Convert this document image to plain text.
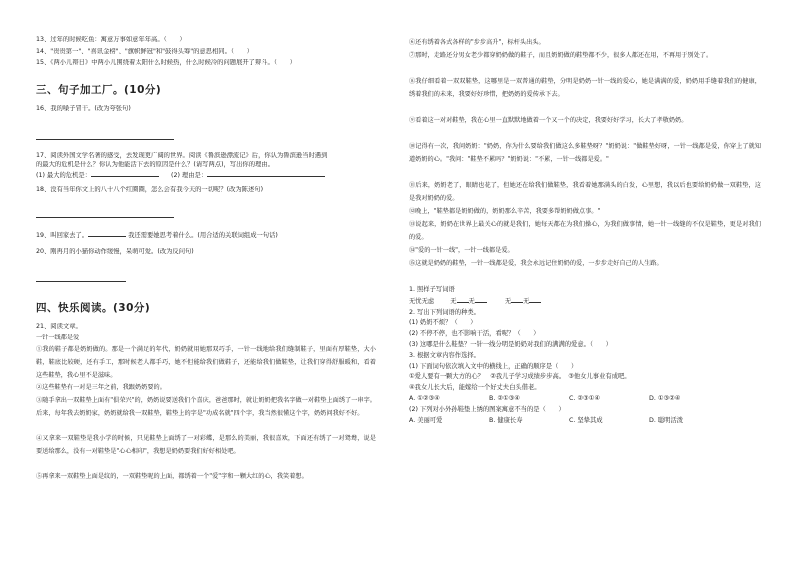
13、过年的时候吃鱼：寓意万事如意年年高。（　　）
14、"贵贵第一"、"喜讯金榜"、"旗帜鲜冠"和"鼓得头筹"的意思相同。（　　）
15、《两小儿辩日》中两小儿围绕着太阳什么时候热，什么时候冷的问题展开了辩斗。（　　）
三、句子加工厂。(10分)
16、我的嗓子冒干。(改为夸张句)
17、阅读外国文学名著的感受，去发现更广阔的世界。阅读《鲁滨逊漂流记》后，你认为鲁滨逊当时遇到
的最大的危机是什么？你认为他能活下去的原因是什么？(请写两点)，写出你的理由。
(1) 最大的危机是：	(2) 理由是：
18、没有当年你文上的八十八个红圈圈，怎么会有我今天的一切呢？(改为陈述句)
19、叫回家去了。	我还需要她思考着什么。(用合适的关联词组成一句话)
20、刚再月的小猫你动作缓慢，呆萌可爱。(改为反问句)
四、快乐阅读。(30分)
21、阅读文章。
一针一线都是爱
①我的鞋子都是奶奶做的。那是一个满足的年代，奶奶就用她那双巧手，一针一线地给我们缝制鞋子，里面有厚鞋垫，大小鞋，鞋底比较硬，还有手工，那时候老人都手巧，她不但能给我们做鞋子，还能给我们做鞋垫，让我们穿得舒服暖和，看着这些鞋垫，我心里不是滋味。
②这些鞋垫有一对是三年之前，我跟奶奶要的。
③随手拿出一双鞋垫上面有"俱荣兴"的，奶奶说要送我们个喜庆，爸爸那时，就让奶奶把我名字做一对鞋垫上面绣了一串字。后来，每年我去奶奶家，奶奶就给我一双鞋垫，鞋垫上的字是"功成名就"四个字，我当然很懂这个字，奶奶问我好不好。
④又拿来一双鞋垫是我小学的时候，只见鞋垫上面绣了一对彩蝶，是那么的美丽，我很喜欢，下面还有绣了一对鸳鸯，说是要送给那么，没有一对鞋垫是"心心相印"，我想是奶奶要我们好好相处吧。
⑤再拿来一双鞋垫上面是纹的，一双鞋垫呢的上面，都绣着一个"爱"字和一颗大红的心，我笑着想。
⑥还有绣着各式各样的"步步高升"，标杆头出头。
⑦那时，走路还分男女老少都穿奶奶做的鞋子，而且奶奶做的鞋垫都不少，很多人都还在用，不再用于别处了。
⑧我仔细看着一双双鞋垫，这哪里是一双普通的鞋垫，分明是奶奶一针一线的爱心，她是满满的爱，奶奶用手缝着我们的健康，绣着我们的未来，我要好好珍惜，把奶奶的爱传承下去。
⑨看着这一对对鞋垫，我在心里一直默默地做着一个又一个的决定，我要好好学习，长大了孝敬奶奶。
⑩记得有一次，我问奶奶："奶奶，你为什么要给我们做这么多鞋垫呀？"奶奶说："做鞋垫好呀，一针一线都是爱，你穿上了就知道奶奶的心。"我问："鞋垫不累吗？"奶奶说："不累，一针一线都是爱。"
⑪后来，奶奶老了，眼睛也花了，但她还在给我们做鞋垫，我看着她那满头的白发，心里想，我以后也要给奶奶做一双鞋垫，这是我对奶奶的爱。
⑫晚上，"鞋垫都是奶奶做的，奶奶那么辛苦，我要多帮奶奶做点事。"
⑬说起来，奶奶在世界上最关心的就是我们，她每天都在为我们操心，为我们做事情，她一针一线缝的不仅是鞋垫，更是对我们的爱。
⑭"爱的一针一线"，一针一线都是爱。
⑮这就是奶奶的鞋垫，一针一线都是爱，我会永远记住奶奶的爱，一步步走好自己的人生路。
1. 照样子写词语
无忧无虑	无 无	无 无
2. 写出下列词语的种类。
(1) 奶奶不烦？（　　）
(2) 不停不停，也不影响干活，看呢？（　　）
(3) 这哪是什么鞋垫？一针一线分明是奶奶对我们的满满的爱意。（　　）
3. 根据文章内容作选择。
(1) 下面词句依次填入文中的横线上，正确的顺序是（　　）
①爱人要有一颗大方的心？　②我儿子学习成绩步步高。　③他女儿事业有成吧。
④我女儿长大后，能嫁给一个好丈夫白头偕老。
A. ①②③④	B. ②①③④	C. ②③①④	D. ①③②④
(2) 下列对小外孙鞋垫上绣的图案寓意不当的是（　　）
A. 美丽可爱	B. 健康长寿	C. 坚挚其成	D. 聪明活泼
